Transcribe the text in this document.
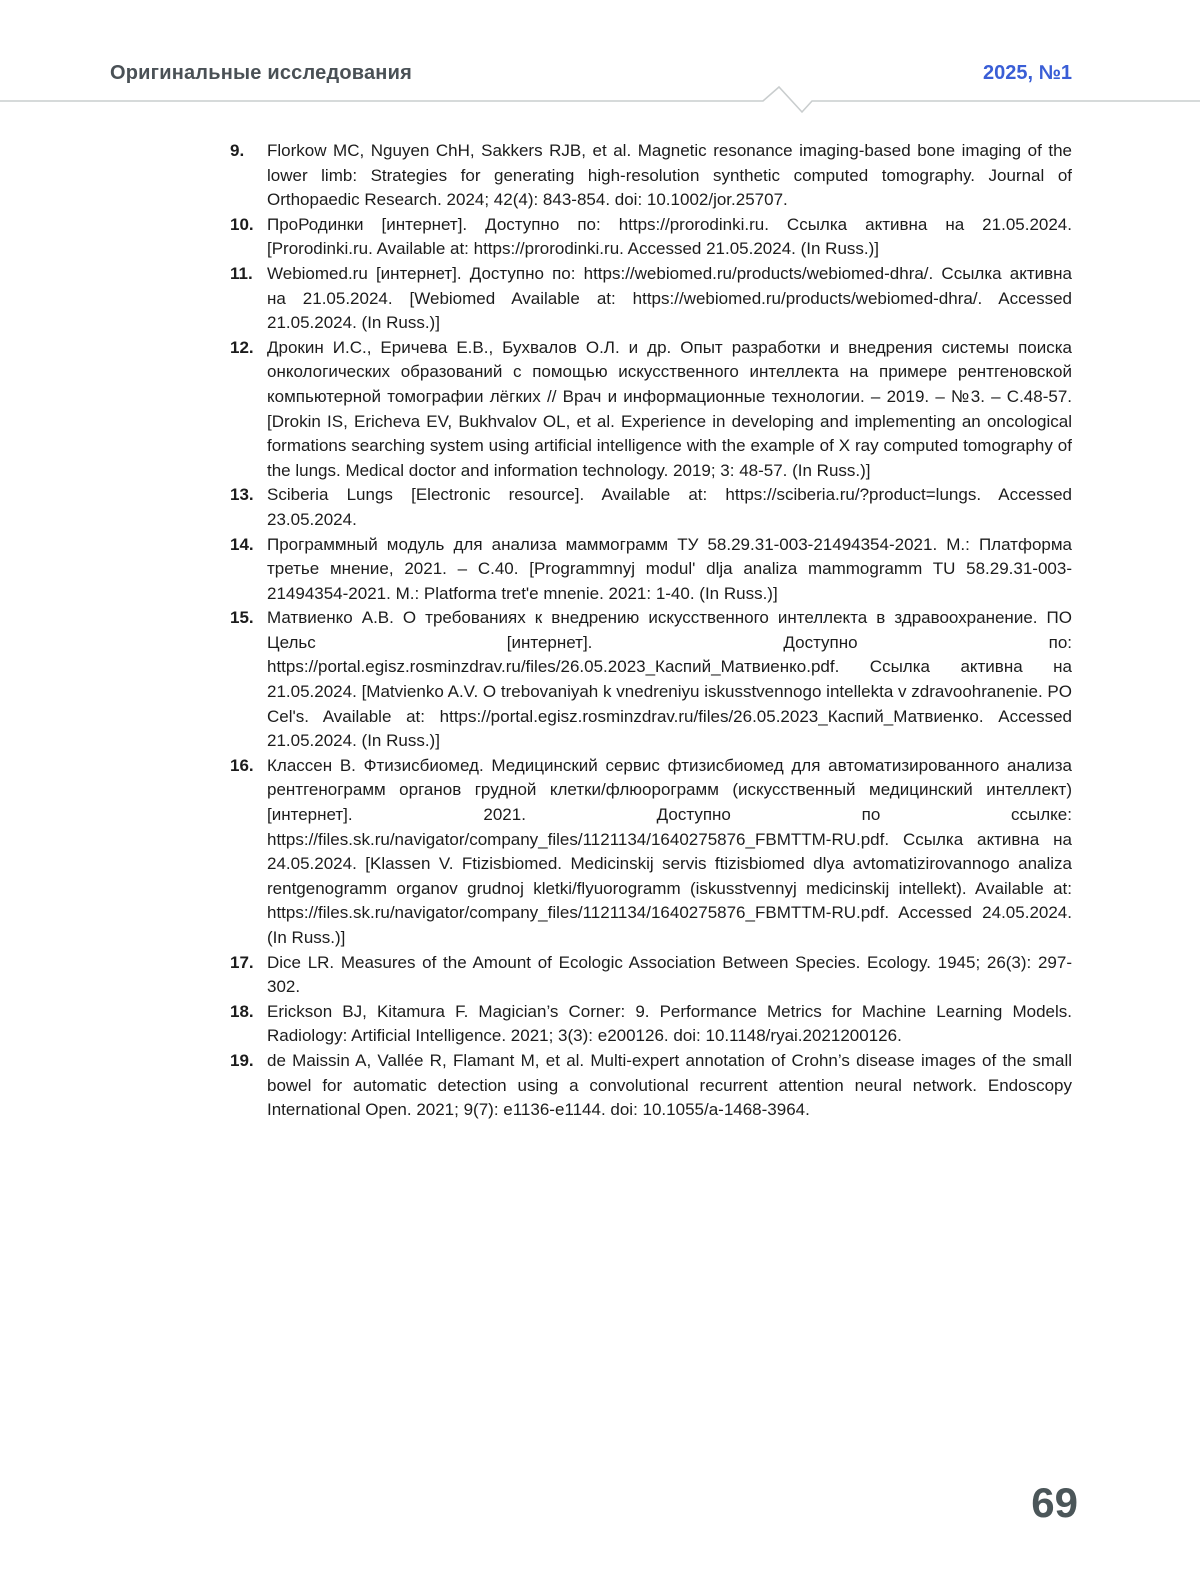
Оригинальные исследования	2025, №1
9.	Florkow MC, Nguyen ChH, Sakkers RJB, et al. Magnetic resonance imaging-based bone imaging of the lower limb: Strategies for generating high-resolution synthetic computed tomography. Journal of Orthopaedic Research. 2024; 42(4): 843-854. doi: 10.1002/jor.25707.
10. ПроРодинки [интернет]. Доступно по: https://prorodinki.ru. Ссылка активна на 21.05.2024. [Prorodinki.ru. Available at: https://prorodinki.ru. Accessed 21.05.2024. (In Russ.)]
11. Webiomed.ru [интернет]. Доступно по: https://webiomed.ru/products/webiomed-dhra/. Ссылка активна на 21.05.2024. [Webiomed Available at: https://webiomed.ru/products/webiomed-dhra/. Accessed 21.05.2024. (In Russ.)]
12. Дрокин И.С., Еричева Е.В., Бухвалов О.Л. и др. Опыт разработки и внедрения системы поиска онкологических образований с помощью искусственного интеллекта на примере рентгеновской компьютерной томографии лёгких // Врач и информационные технологии. – 2019. – №3. – С.48-57. [Drokin IS, Ericheva EV, Bukhvalov OL, et al. Experience in developing and implementing an oncological formations searching system using artificial intelligence with the example of X ray computed tomography of the lungs. Medical doctor and information technology. 2019; 3: 48-57. (In Russ.)]
13. Sciberia Lungs [Electronic resource]. Available at: https://sciberia.ru/?product=lungs. Accessed 23.05.2024.
14. Программный модуль для анализа маммограмм ТУ 58.29.31-003-21494354-2021. М.: Платформа третье мнение, 2021. – С.40. [Programmnyj modul' dlja analiza mammogramm TU 58.29.31-003-21494354-2021. M.: Platforma tret'e mnenie. 2021: 1-40. (In Russ.)]
15. Матвиенко А.В. О требованиях к внедрению искусственного интеллекта в здравоохранение. ПО Цельс [интернет]. Доступно по: https://portal.egisz.rosminzdrav.ru/files/26.05.2023_Каспий_Матвиенко.pdf. Ссылка активна на 21.05.2024. [Matvienko A.V. O trebovaniyah k vnedreniyu iskusstvennogo intellekta v zdravoohranenie. PO Cel's. Available at: https://portal.egisz.rosminzdrav.ru/files/26.05.2023_Каспий_Матвиенко. Accessed 21.05.2024. (In Russ.)]
16. Классен В. Фтизисбиомед. Медицинский сервис фтизисбиомед для автоматизированного анализа рентгенограмм органов грудной клетки/флюорограмм (искусственный медицинский интеллект) [интернет]. 2021. Доступно по ссылке: https://files.sk.ru/navigator/company_files/1121134/1640275876_FBMTTM-RU.pdf. Ссылка активна на 24.05.2024. [Klassen V. Ftizisbiomed. Medicinskij servis ftizisbiomed dlya avtomatizirovannogo analiza rentgenogramm organov grudnoj kletki/flyuorogramm (iskusstvennyj medicinskij intellekt). Available at: https://files.sk.ru/navigator/company_files/1121134/1640275876_FBMTTM-RU.pdf. Accessed 24.05.2024. (In Russ.)]
17. Dice LR. Measures of the Amount of Ecologic Association Between Species. Ecology. 1945; 26(3): 297-302.
18. Erickson BJ, Kitamura F. Magician’s Corner: 9. Performance Metrics for Machine Learning Models. Radiology: Artificial Intelligence. 2021; 3(3): e200126. doi: 10.1148/ryai.2021200126.
19. de Maissin A, Vallée R, Flamant M, et al. Multi-expert annotation of Crohn’s disease images of the small bowel for automatic detection using a convolutional recurrent attention neural network. Endoscopy International Open. 2021; 9(7): e1136-e1144. doi: 10.1055/a-1468-3964.
69
